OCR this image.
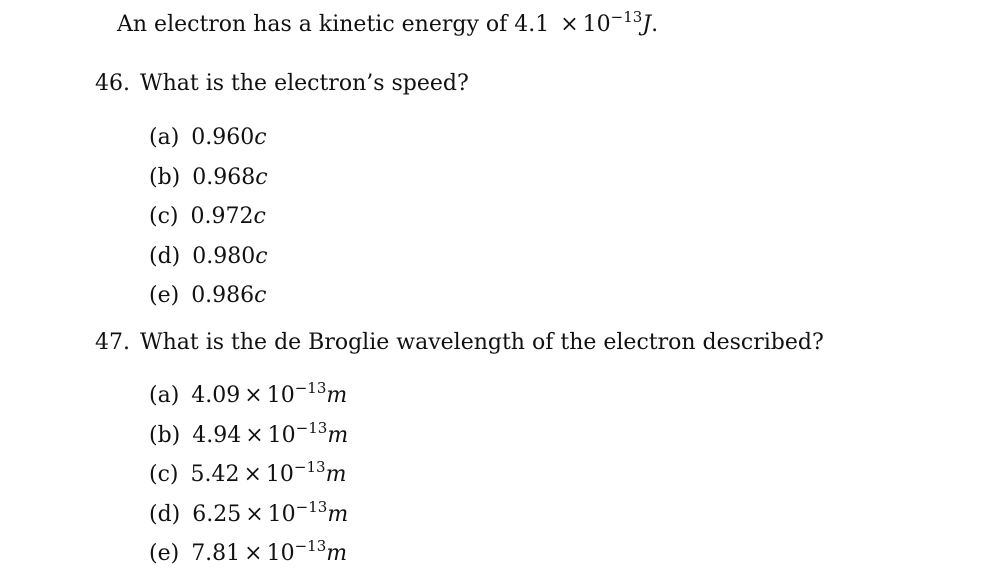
An electron has a kinetic energy of $4.1 \times 10^{-13}J$.
46. What is the electron’s speed?
(a) 0.960c
(b) 0.968c
(c) 0.972c
(d) 0.980c
(e) 0.986c
47. What is the de Broglie wavelength of the electron described?
(a) $4.09 \times 10^{-13}m$
(b) $4.94 \times 10^{-13}m$
(c) $5.42 \times 10^{-13}m$
(d) $6.25 \times 10^{-13}m$
(e) $7.81 \times 10^{-13}m$
